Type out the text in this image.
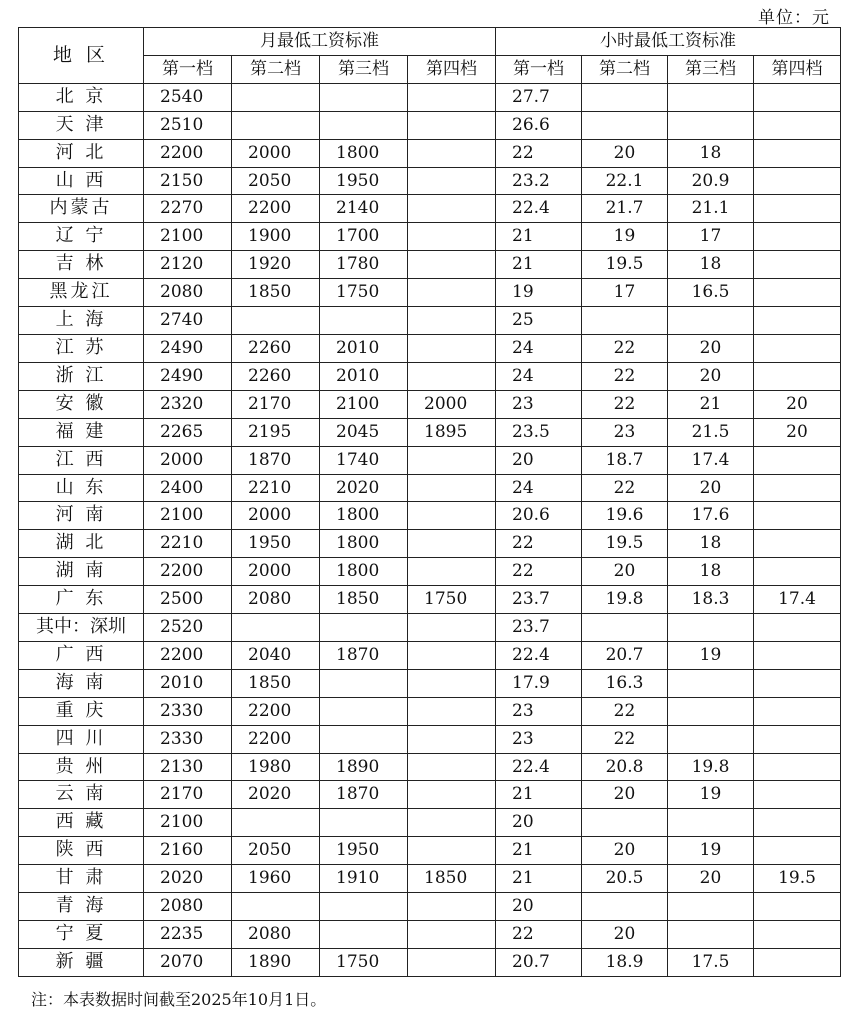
单位：元
地 区	月最低工资标准				小时最低工资标准			
	第一档	第二档	第三档	第四档	第一档	第二档	第三档	第四档
北 京	2540				27.7			
天 津	2510				26.6			
河 北	2200	2000	1800		22	20	18	
山 西	2150	2050	1950		23.2	22.1	20.9	
内蒙古	2270	2200	2140		22.4	21.7	21.1	
辽 宁	2100	1900	1700		21	19	17	
吉 林	2120	1920	1780		21	19.5	18	
黑龙江	2080	1850	1750		19	17	16.5	
上 海	2740				25			
江 苏	2490	2260	2010		24	22	20	
浙 江	2490	2260	2010		24	22	20	
安 徽	2320	2170	2100	2000	23	22	21	20
福 建	2265	2195	2045	1895	23.5	23	21.5	20
江 西	2000	1870	1740		20	18.7	17.4	
山 东	2400	2210	2020		24	22	20	
河 南	2100	2000	1800		20.6	19.6	17.6	
湖 北	2210	1950	1800		22	19.5	18	
湖 南	2200	2000	1800		22	20	18	
广 东	2500	2080	1850	1750	23.7	19.8	18.3	17.4
其中：深圳	2520				23.7			
广 西	2200	2040	1870		22.4	20.7	19	
海 南	2010	1850			17.9	16.3		
重 庆	2330	2200			23	22		
四 川	2330	2200			23	22		
贵 州	2130	1980	1890		22.4	20.8	19.8	
云 南	2170	2020	1870		21	20	19	
西 藏	2100				20			
陕 西	2160	2050	1950		21	20	19	
甘 肃	2020	1960	1910	1850	21	20.5	20	19.5
青 海	2080				20			
宁 夏	2235	2080			22	20		
新 疆	2070	1890	1750		20.7	18.9	17.5	
注：本表数据时间截至2025年10月1日。
